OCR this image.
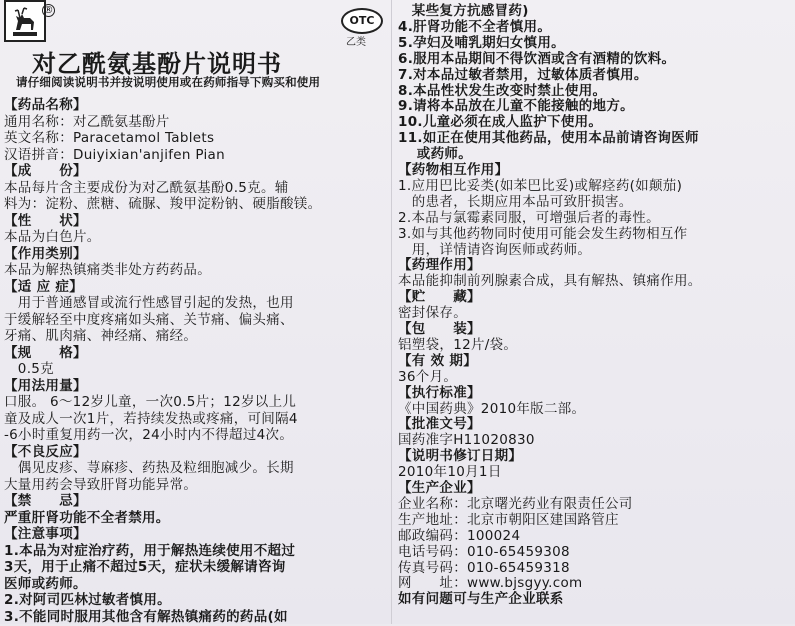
®
OTC
乙类
对乙酰氨基酚片说明书
请仔细阅读说明书并按说明使用或在药师指导下购买和使用
【药品名称】
通用名称：对乙酰氨基酚片
英文名称：Paracetamol Tablets
汉语拼音：Duiyixian'anjifen Pian
【成　　份】
本品每片含主要成份为对乙酰氨基酚0.5克。辅
料为：淀粉、蔗糖、硫脲、羧甲淀粉钠、硬脂酸镁。
【性　　状】
本品为白色片。
【作用类别】
本品为解热镇痛类非处方药药品。
【适 应 症】
　用于普通感冒或流行性感冒引起的发热，也用
于缓解轻至中度疼痛如头痛、关节痛、偏头痛、
牙痛、肌肉痛、神经痛、痛经。
【规　　格】
　0.5克
【用法用量】
口服。 6～12岁儿童，一次0.5片；12岁以上儿
童及成人一次1片，若持续发热或疼痛，可间隔4
-6小时重复用药一次，24小时内不得超过4次。
【不良反应】
　偶见皮疹、荨麻疹、药热及粒细胞减少。长期
大量用药会导致肝肾功能异常。
【禁　　忌】
严重肝肾功能不全者禁用。
【注意事项】
1.本品为对症治疗药，用于解热连续使用不超过
3天，用于止痛不超过5天，症状未缓解请咨询
医师或药师。
2.对阿司匹林过敏者慎用。
3.不能同时服用其他含有解热镇痛药的药品(如
　某些复方抗感冒药)
4.肝肾功能不全者慎用。
5.孕妇及哺乳期妇女慎用。
6.服用本品期间不得饮酒或含有酒精的饮料。
7.对本品过敏者禁用，过敏体质者慎用。
8.本品性状发生改变时禁止使用。
9.请将本品放在儿童不能接触的地方。
10.儿童必须在成人监护下使用。
11.如正在使用其他药品，使用本品前请咨询医师
　 或药师。
【药物相互作用】
1.应用巴比妥类(如苯巴比妥)或解痉药(如颠茄)
　的患者，长期应用本品可致肝损害。
2.本品与氯霉素同服，可增强后者的毒性。
3.如与其他药物同时使用可能会发生药物相互作
　用，详情请咨询医师或药师。
【药理作用】
本品能抑制前列腺素合成，具有解热、镇痛作用。
【贮　　藏】
密封保存。
【包　　装】
铝塑袋，12片/袋。
【有 效 期】
36个月。
【执行标准】
《中国药典》2010年版二部。
【批准文号】
国药准字H11020830
【说明书修订日期】
2010年10月1日
【生产企业】
企业名称：北京曙光药业有限责任公司
生产地址：北京市朝阳区建国路管庄
邮政编码：100024
电话号码：010-65459308
传真号码：010-65459318
网　　址：www.bjsgyy.com
如有问题可与生产企业联系
